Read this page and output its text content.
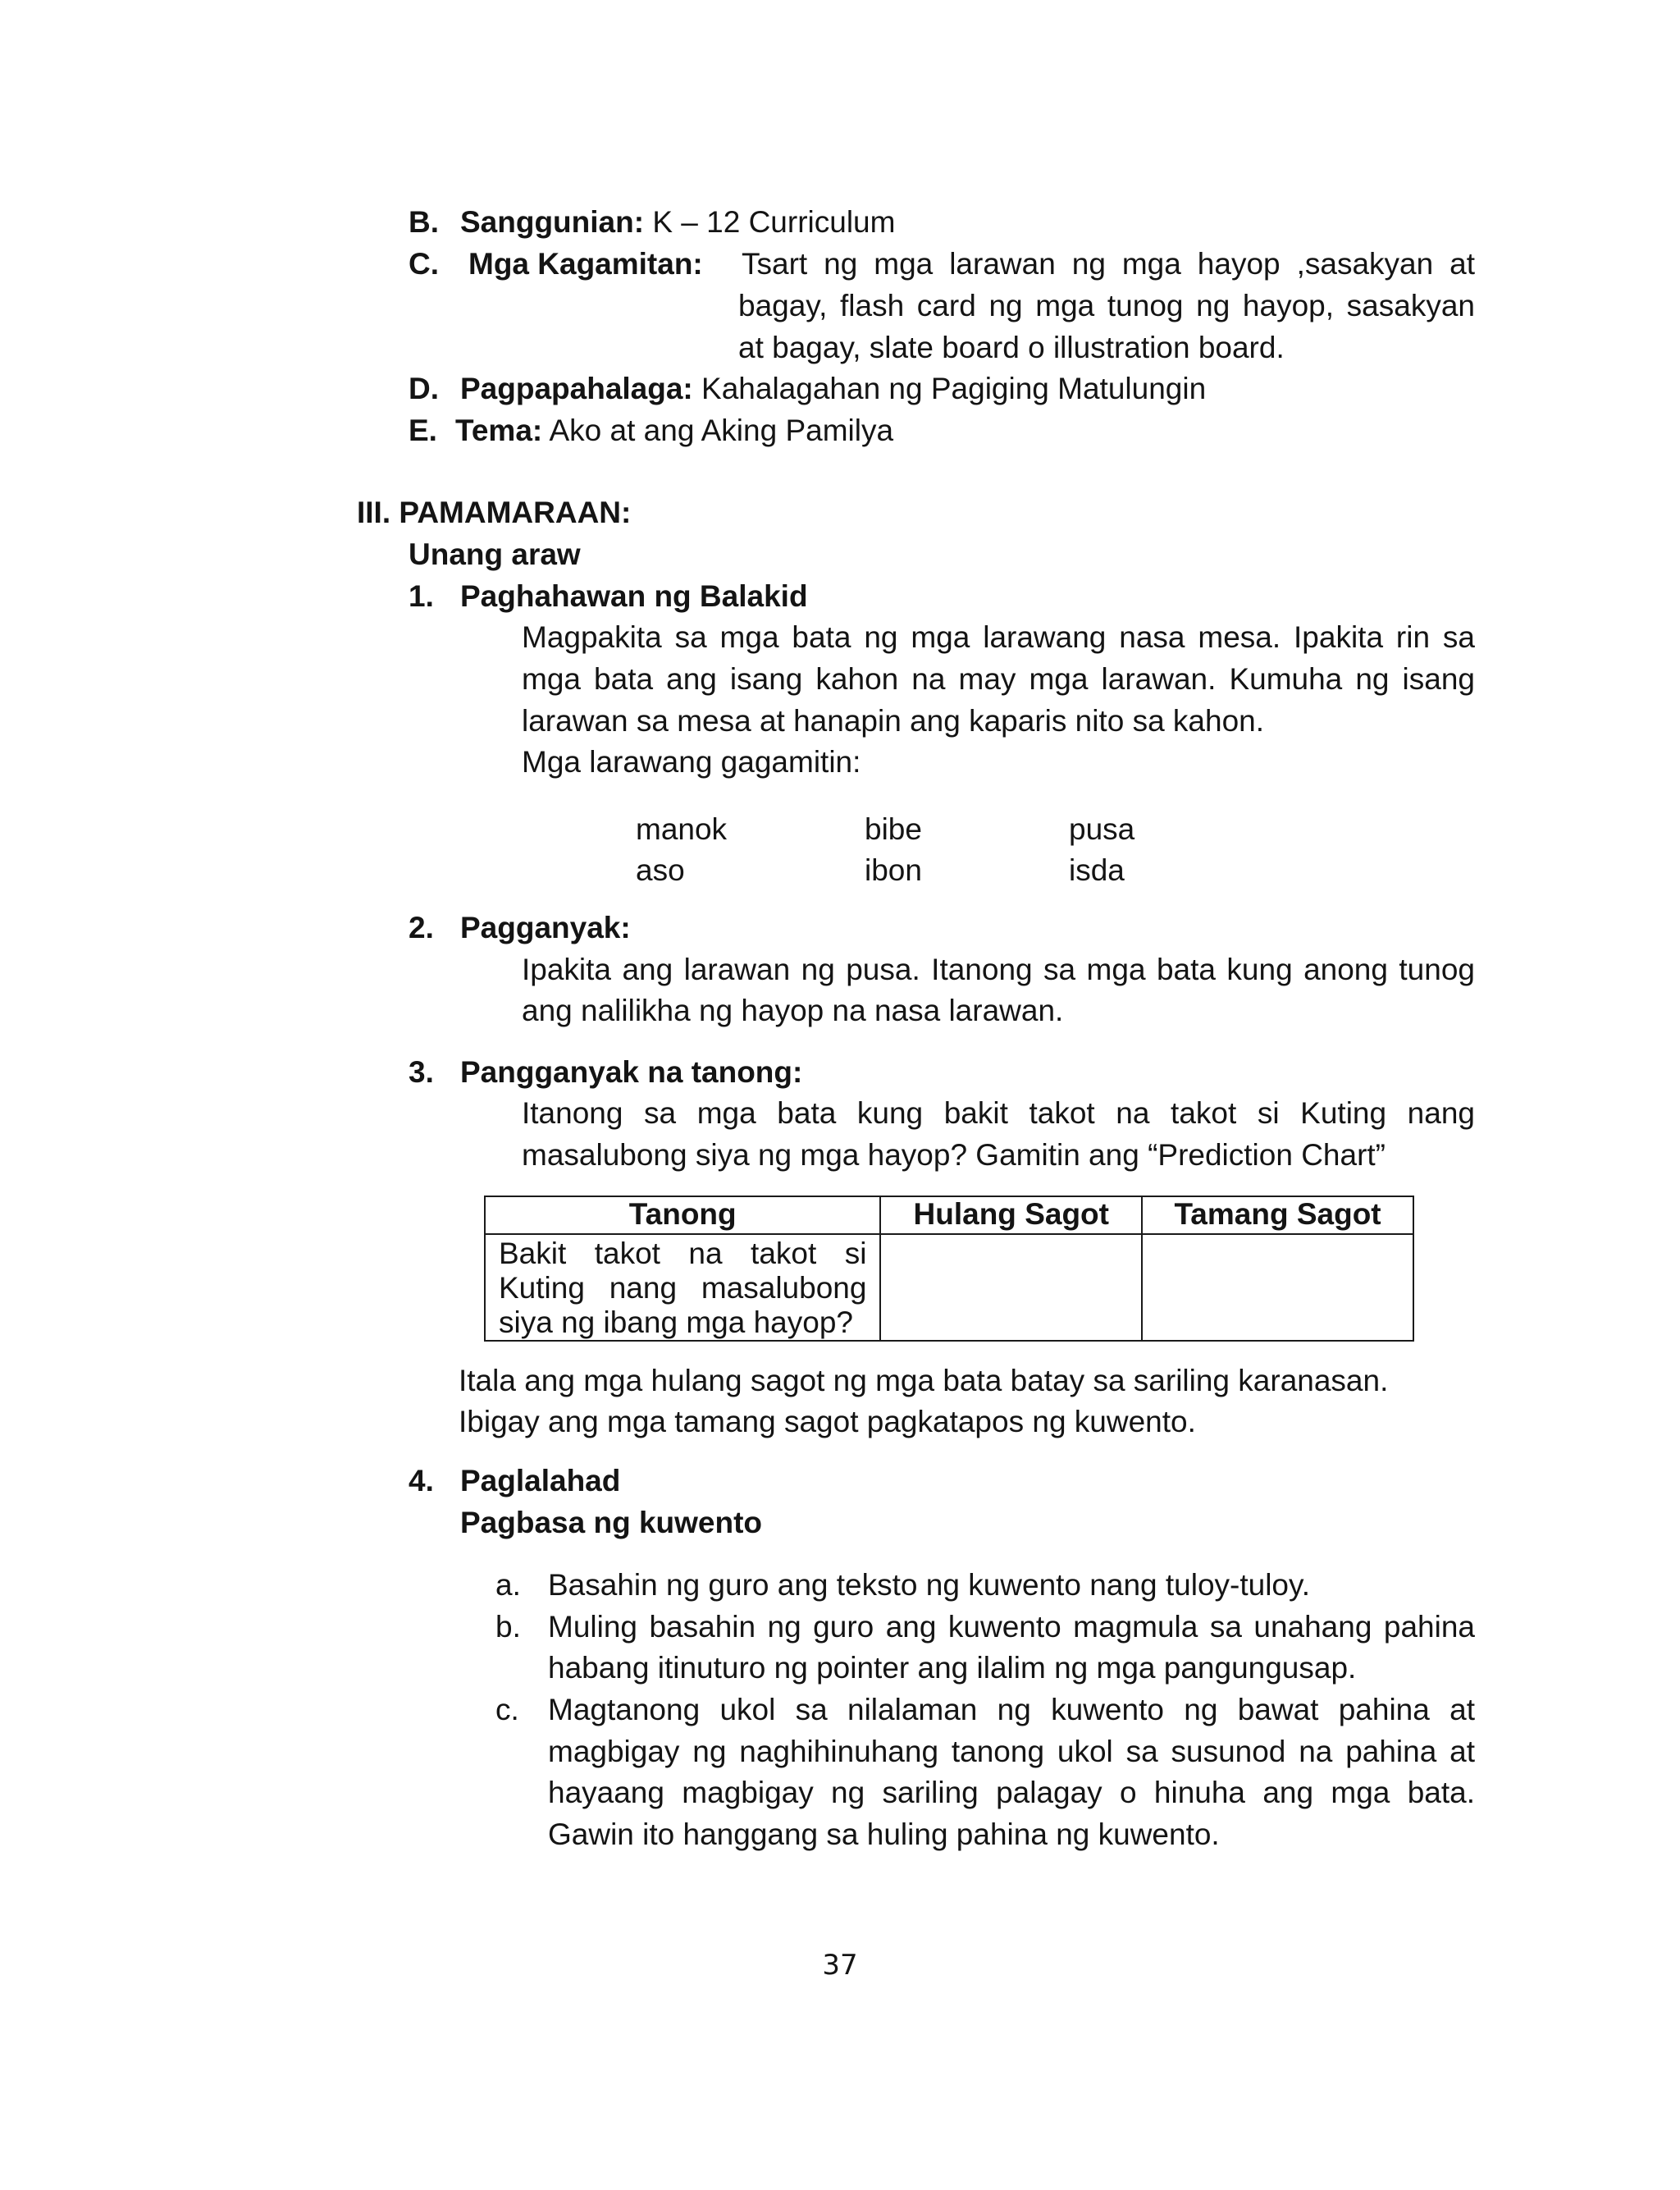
B. Sanggunian: K – 12 Curriculum
C. Mga Kagamitan: Tsart ng mga larawan ng mga hayop ,sasakyan at
bagay, flash card ng mga tunog ng hayop, sasakyan
at bagay, slate board o illustration board.
D. Pagpapahalaga: Kahalagahan ng Pagiging Matulungin
E. Tema: Ako at ang Aking Pamilya
III. PAMAMARAAN:
Unang araw
1. Paghahawan ng Balakid
Magpakita sa mga bata ng mga larawang nasa mesa. Ipakita rin sa
mga bata ang isang kahon na may mga larawan. Kumuha ng isang
larawan sa mesa at hanapin ang kaparis nito sa kahon.
Mga larawang gagamitin:
manok	bibe	pusa
aso	ibon	isda
2. Pagganyak:
Ipakita ang larawan ng pusa. Itanong sa mga bata kung anong tunog
ang nalilikha ng hayop na nasa larawan.
3. Pangganyak na tanong:
Itanong sa mga bata kung bakit takot na takot si Kuting nang
masalubong siya ng mga hayop? Gamitin ang “Prediction Chart”
Tanong	Hulang Sagot	Tamang Sagot

Bakit takot na takot si
Kuting nang masalubong
siya ng ibang mga hayop?		

Itala ang mga hulang sagot ng mga bata batay sa sariling karanasan.
Ibigay ang mga tamang sagot pagkatapos ng kuwento.
4. Paglalahad
Pagbasa ng kuwento
a. Basahin ng guro ang teksto ng kuwento nang tuloy-tuloy.
b. Muling basahin ng guro ang kuwento magmula sa unahang pahina
habang itinuturo ng pointer ang ilalim ng mga pangungusap.
c. Magtanong ukol sa nilalaman ng kuwento ng bawat pahina at
magbigay ng naghihinuhang tanong ukol sa susunod na pahina at
hayaang magbigay ng sariling palagay o hinuha ang mga bata.
Gawin ito hanggang sa huling pahina ng kuwento.
37
